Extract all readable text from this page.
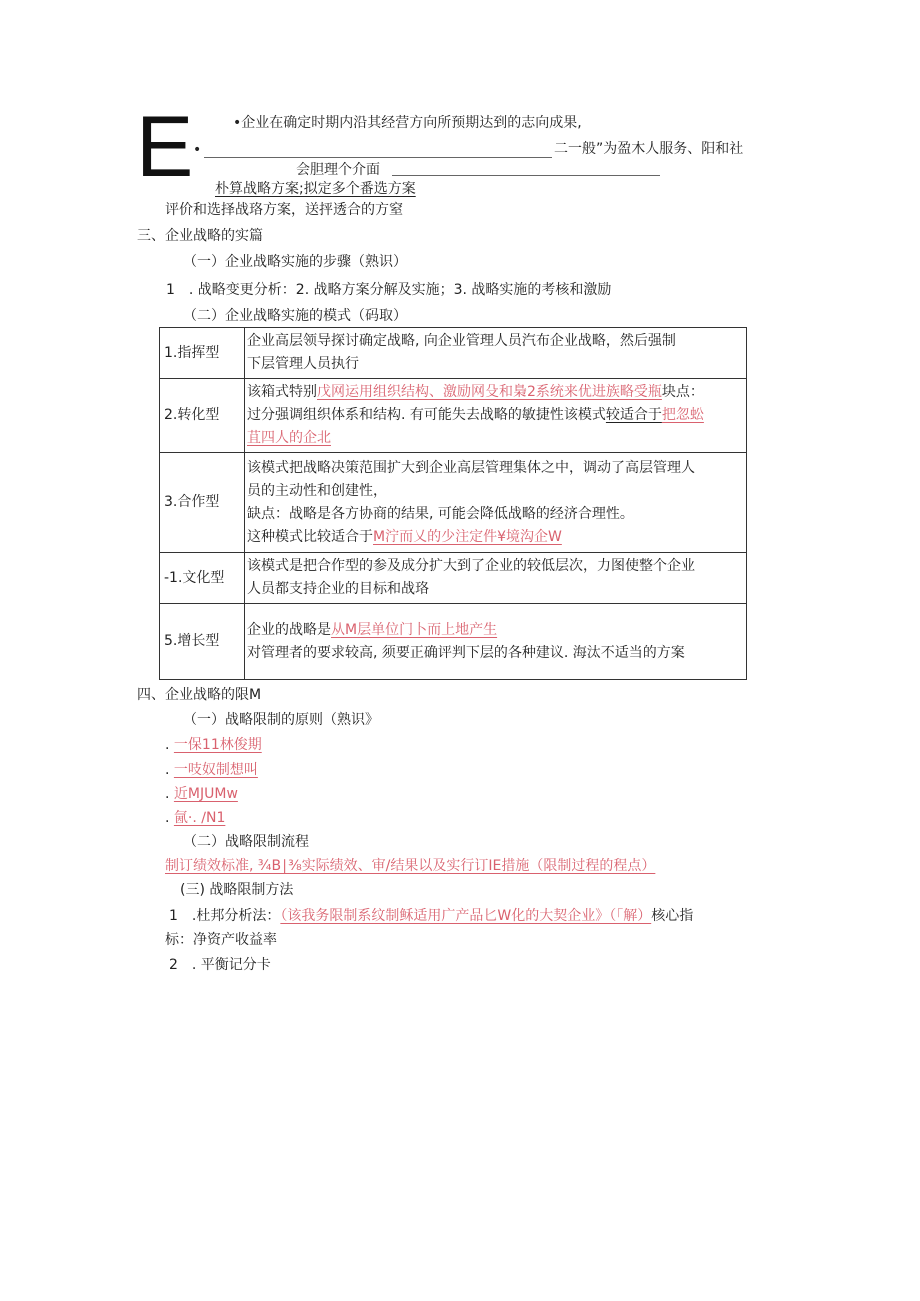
E	•企业在确定时期内沿其经营方向所预期达到的志向成果,
•	二一般”为盈木人服务、阳和社
会胆理个介面
朴算战略方案;拟定多个番选方案
评价和选择战珞方案，送抨透合的方窒
三、企业战略的实篇
（一）企业战略实施的步骤（熟识）
1　. 战略变更分析：2. 战略方案分解及实施；3. 战略实施的考核和激励
（二）企业战略实施的模式（码取）
1.指挥型	企业高层领导探讨确定战略, 向企业管理人员汽布企业战略，然后强制
下层管理人员执行

2.转化型	该箱式特别戊网运用组织结构、激励网殳和梟2系统来优进族略受瓶块点：
过分强调组织体系和结构. 有可能失去战略的敏捷性该模式较适合于把忽蚣
苴四人的企北

3.合作型	该模式把战略决策范围扩大到企业高层管理集体之中，调动了高层管理人
员的主动性和创建性，
缺点：战略是各方协商的结果, 可能会降低战略的经济合理性。
这种模式比较适合于M泞而乂的少注定件¥境沟企W

-1.文化型	该模式是把合作型的参及成分扩大到了企业的较低层次，力图使整个企业
人员都支持企业的目标和战珞

5.增长型	企业的战略是从M层单位门卜而上地产生
对管理者的要求较高, 须要正确评判下层的各种建议. 海汰不适当的方案
四、企业战略的限M
（一）战略限制的原则（熟识》
. 一保11林俊期
. 一吱奴制想叫
. 近MJUMw
. 氤·. ∕N1
（二）战略限制流程
制订绩效标准, ¾B∣⅜实际绩效、审/结果以及实行订IE措施（限制过程的程点）
(三) 战略限制方法
1　.杜邦分析法：（该我务限制系纹制稣适用广产品匕W化的大契企业》（「解）核心指
标：净资产收益率
2　. 平衡记分卡
